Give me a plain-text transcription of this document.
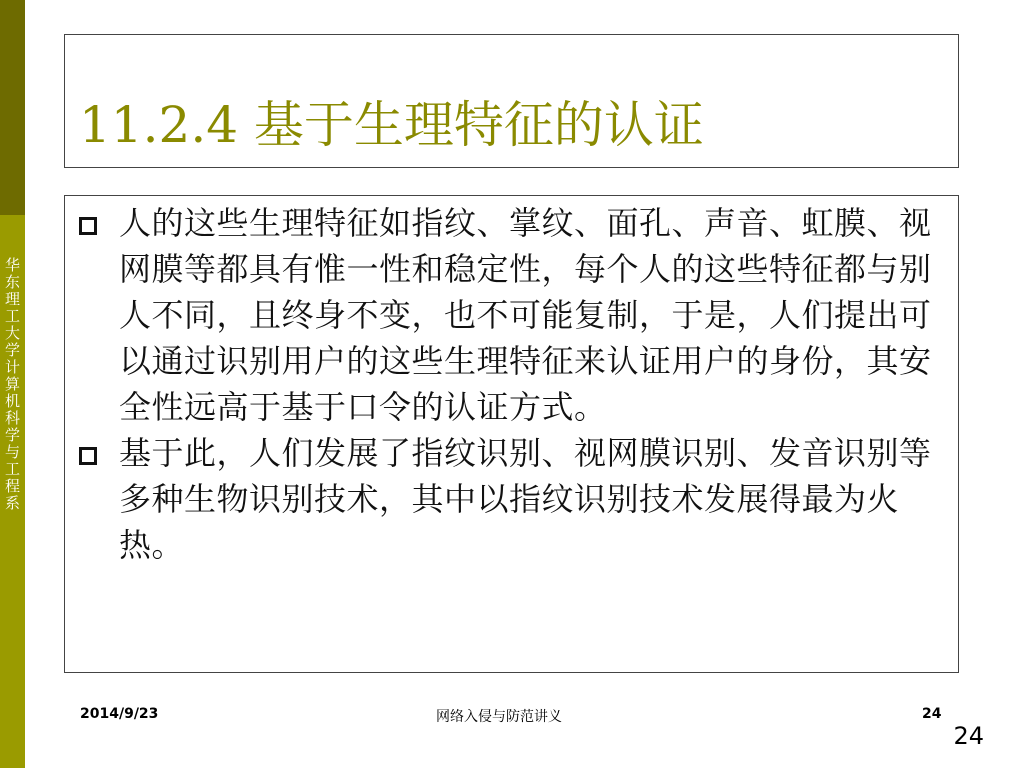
华东理工大学计算机科学与工程系
11.2.4 基于生理特征的认证
人的这些生理特征如指纹、掌纹、面孔、声音、虹膜、视网膜等都具有惟一性和稳定性，每个人的这些特征都与别人不同，且终身不变，也不可能复制，于是，人们提出可以通过识别用户的这些生理特征来认证用户的身份，其安全性远高于基于口令的认证方式。
基于此，人们发展了指纹识别、视网膜识别、发音识别等多种生物识别技术，其中以指纹识别技术发展得最为火热。
2014/9/23	网络入侵与防范讲义	24
24
